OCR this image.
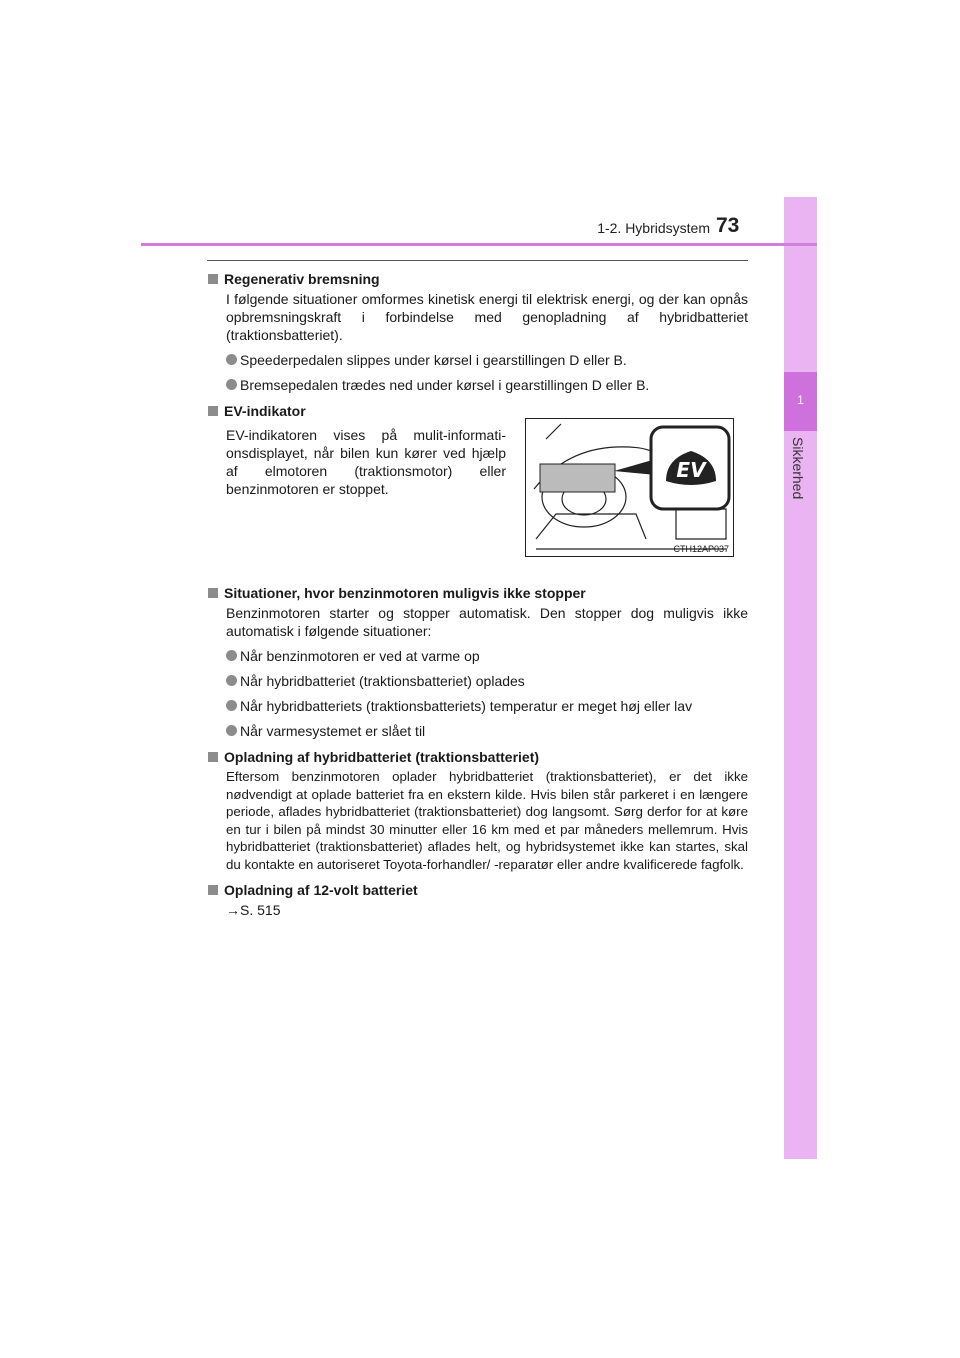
1
Sikkerhed
1-2. Hybridsystem 73
EV
CTH12AP037
Regenerativ bremsning
I følgende situationer omformes kinetisk energi til elektrisk energi, og der kan opnås opbremsningskraft i forbindelse med genopladning af hybridbatteriet (traktionsbatteriet).
Speederpedalen slippes under kørsel i gearstillingen D eller B.
Bremsepedalen trædes ned under kørsel i gearstillingen D eller B.
EV-indikator
EV-indikatoren vises på mulit-informati-onsdisplayet, når bilen kun kører ved hjælp af elmotoren (traktionsmotor) eller benzinmotoren er stoppet.
Situationer, hvor benzinmotoren muligvis ikke stopper
Benzinmotoren starter og stopper automatisk. Den stopper dog muligvis ikke automatisk i følgende situationer:
Når benzinmotoren er ved at varme op
Når hybridbatteriet (traktionsbatteriet) oplades
Når hybridbatteriets (traktionsbatteriets) temperatur er meget høj eller lav
Når varmesystemet er slået til
Opladning af hybridbatteriet (traktionsbatteriet)
Eftersom benzinmotoren oplader hybridbatteriet (traktionsbatteriet), er det ikke nødvendigt at oplade batteriet fra en ekstern kilde. Hvis bilen står parkeret i en længere periode, aflades hybridbatteriet (traktionsbatteriet) dog langsomt. Sørg derfor for at køre en tur i bilen på mindst 30 minutter eller 16 km med et par måneders mellemrum. Hvis hybridbatteriet (traktionsbatteriet) aflades helt, og hybridsystemet ikke kan startes, skal du kontakte en autoriseret Toyota-forhandler/ -reparatør eller andre kvalificerede fagfolk.
Opladning af 12-volt batteriet
→S. 515
